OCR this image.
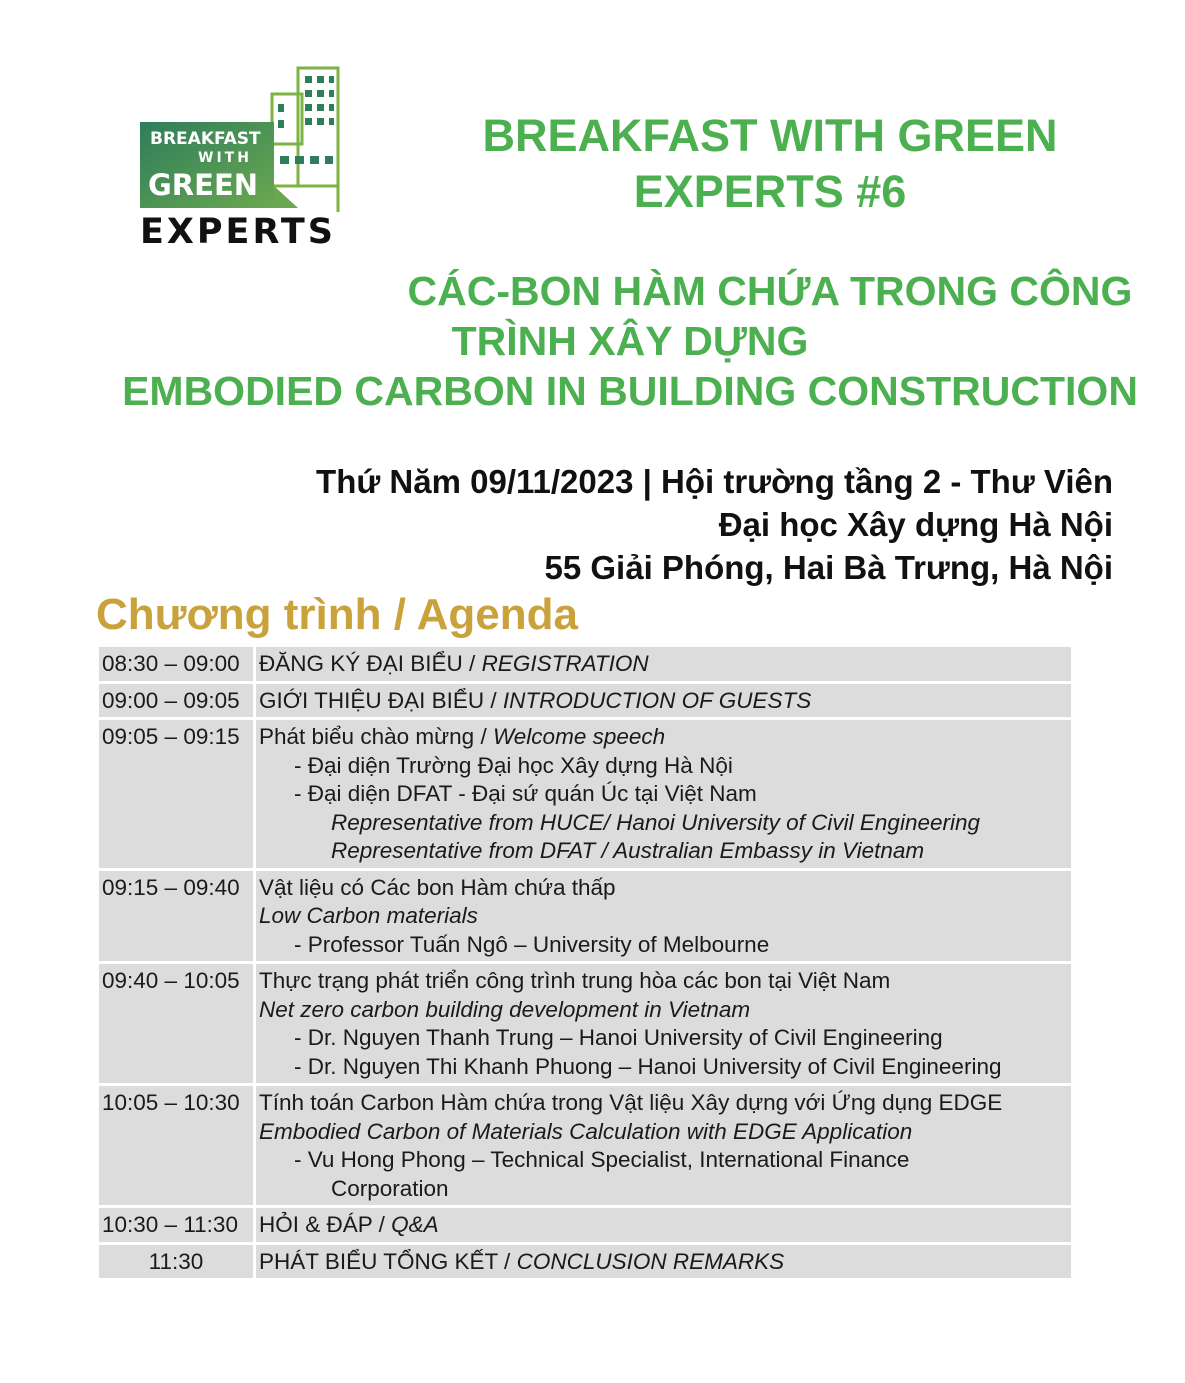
BREAKFAST
WITH
GREEN
EXPERTS
BREAKFAST WITH GREEN
EXPERTS #6
CÁC-BON HÀM CHỨA TRONG CÔNG
TRÌNH XÂY DỰNG
EMBODIED CARBON IN BUILDING CONSTRUCTION
Thứ Năm 09/11/2023 | Hội trường tầng 2 - Thư Viên
Đại học Xây dựng Hà Nội
55 Giải Phóng, Hai Bà Trưng, Hà Nội
Chương trình / Agenda
08:30 – 09:00	ĐĂNG KÝ ĐẠI BIỂU / REGISTRATION
09:00 – 09:05	GIỚI THIỆU ĐẠI BIỂU / INTRODUCTION OF GUESTS
09:05 – 09:15	Phát biểu chào mừng / Welcome speech
- Đại diện Trường Đại học Xây dựng Hà Nội
- Đại diện DFAT - Đại sứ quán Úc tại Việt Nam
Representative from HUCE/ Hanoi University of Civil Engineering
Representative from DFAT / Australian Embassy in Vietnam

09:15 – 09:40	Vật liệu có Các bon Hàm chứa thấp
Low Carbon materials
- Professor Tuấn Ngô – University of Melbourne

09:40 – 10:05	Thực trạng phát triển công trình trung hòa các bon tại Việt Nam
Net zero carbon building development in Vietnam
- Dr. Nguyen Thanh Trung – Hanoi University of Civil Engineering
- Dr. Nguyen Thi Khanh Phuong – Hanoi University of Civil Engineering

10:05 – 10:30	Tính toán Carbon Hàm chứa trong Vật liệu Xây dựng với Ứng dụng EDGE
Embodied Carbon of Materials Calculation with EDGE Application
- Vu Hong Phong – Technical Specialist, International Finance
Corporation

10:30 – 11:30	HỎI & ĐÁP / Q&A
11:30	PHÁT BIỂU TỔNG KẾT / CONCLUSION REMARKS
